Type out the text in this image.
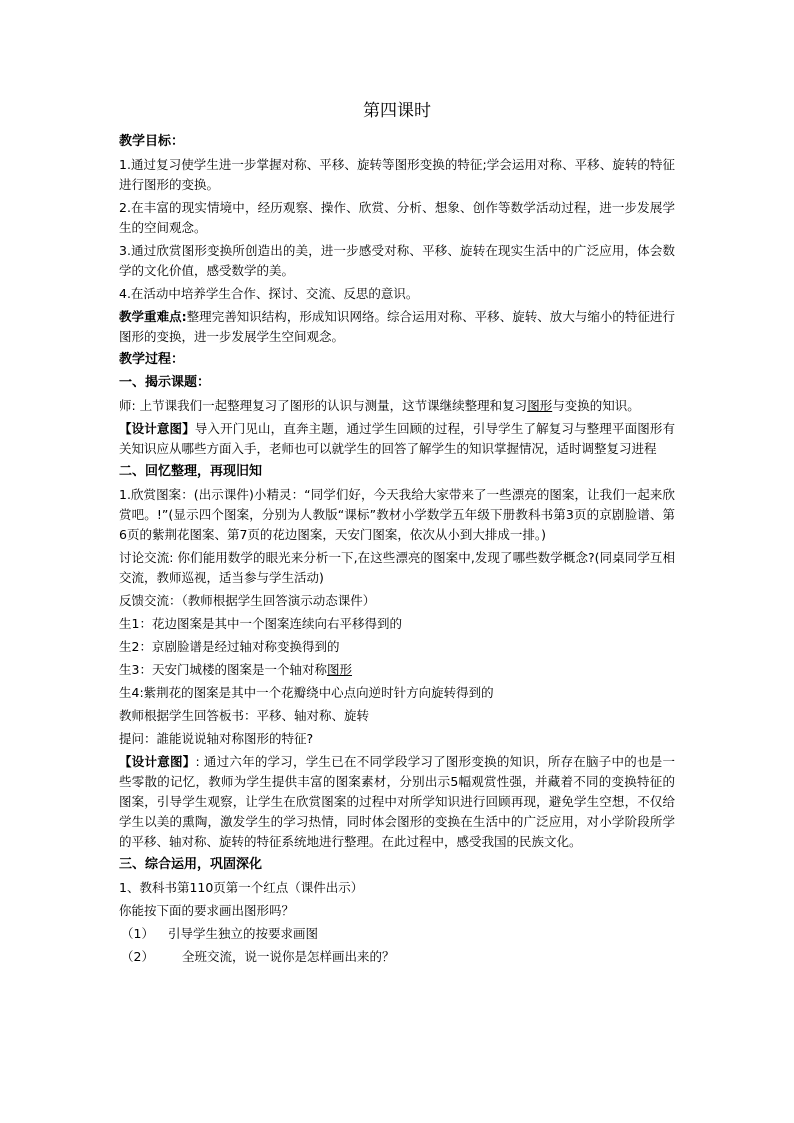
第四课时
教学目标：
1.通过复习使学生进一步掌握对称、平移、旋转等图形变换的特征;学会运用对称、平移、旋转的特征进行图形的变换。
2.在丰富的现实情境中，经历观察、操作、欣赏、分析、想象、创作等数学活动过程，进一步发展学生的空间观念。
3.通过欣赏图形变换所创造出的美，进一步感受对称、平移、旋转在现实生活中的广泛应用，体会数学的文化价值，感受数学的美。
4.在活动中培养学生合作、探讨、交流、反思的意识。
教学重难点:整理完善知识结构，形成知识网络。综合运用对称、平移、旋转、放大与缩小的特征进行图形的变换，进一步发展学生空间观念。
教学过程：
一、揭示课题：
师: 上节课我们一起整理复习了图形的认识与测量，这节课继续整理和复习图形与变换的知识。
【设计意图】导入开门见山，直奔主题，通过学生回顾的过程，引导学生了解复习与整理平面图形有关知识应从哪些方面入手，老师也可以就学生的回答了解学生的知识掌握情况，适时调整复习进程
二、回忆整理，再现旧知
1.欣赏图案：(出示课件)小精灵：“同学们好，今天我给大家带来了一些漂亮的图案，让我们一起来欣赏吧。!”(显示四个图案，分别为人教版“课标”教材小学数学五年级下册教科书第3页的京剧脸谱、第6页的紫荆花图案、第7页的花边图案，天安门图案，依次从小到大排成一排。)
讨论交流: 你们能用数学的眼光来分析一下,在这些漂亮的图案中,发现了哪些数学概念?(同桌同学互相交流，教师巡视，适当参与学生活动)
反馈交流：（教师根据学生回答演示动态课件）
生1：花边图案是其中一个图案连续向右平移得到的
生2：京剧脸谱是经过轴对称变换得到的
生3：天安门城楼的图案是一个轴对称图形
生4:紫荆花的图案是其中一个花瓣绕中心点向逆时针方向旋转得到的
教师根据学生回答板书：平移、轴对称、旋转
提问：誰能说说轴对称图形的特征?
【设计意图】: 通过六年的学习，学生已在不同学段学习了图形变换的知识，所存在脑子中的也是一些零散的记忆，教师为学生提供丰富的图案素材，分别出示5幅观赏性强，并藏着不同的变换特征的图案，引导学生观察，让学生在欣赏图案的过程中对所学知识进行回顾再现，避免学生空想，不仅给学生以美的熏陶，激发学生的学习热情，同时体会图形的变换在生活中的广泛应用，对小学阶段所学的平移、轴对称、旋转的特征系统地进行整理。在此过程中，感受我国的民族文化。
三、综合运用，巩固深化
1、教科书第110页第一个红点（课件出示）
你能按下面的要求画出图形吗？
（1） 引导学生独立的按要求画图
（2） 全班交流，说一说你是怎样画出来的？
